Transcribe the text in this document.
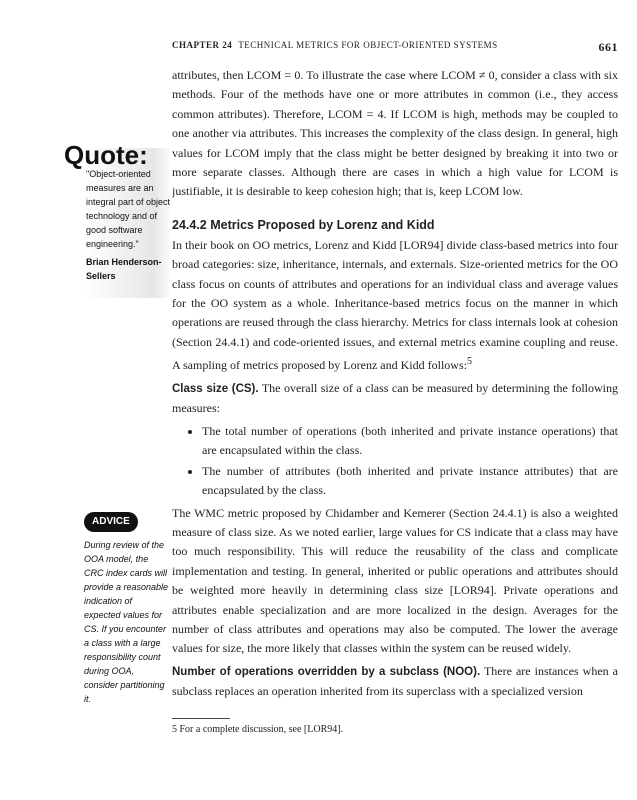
CHAPTER 24 TECHNICAL METRICS FOR OBJECT-ORIENTED SYSTEMS	661

attributes, then LCOM = 0. To illustrate the case where LCOM ≠ 0, consider a class with six methods. Four of the methods have one or more attributes in common (i.e., they access common attributes). Therefore, LCOM = 4. If LCOM is high, methods may be coupled to one another via attributes. This increases the complexity of the class design. In general, high values for LCOM imply that the class might be better designed by breaking it into two or more separate classes. Although there are cases in which a high value for LCOM is justifiable, it is desirable to keep cohesion high; that is, keep LCOM low.

24.4.2 Metrics Proposed by Lorenz and Kidd

In their book on OO metrics, Lorenz and Kidd [LOR94] divide class-based metrics into four broad categories: size, inheritance, internals, and externals. Size-oriented metrics for the OO class focus on counts of attributes and operations for an individual class and average values for the OO system as a whole. Inheritance-based metrics focus on the manner in which operations are reused through the class hierarchy. Metrics for class internals look at cohesion (Section 24.4.1) and code-oriented issues, and external metrics examine coupling and reuse. A sampling of metrics proposed by Lorenz and Kidd follows:$^5$

Class size (CS). The overall size of a class can be measured by determining the following measures:

• The total number of operations (both inherited and private instance operations) that are encapsulated within the class.
• The number of attributes (both inherited and private instance attributes) that are encapsulated by the class.

The WMC metric proposed by Chidamber and Kemerer (Section 24.4.1) is also a weighted measure of class size. As we noted earlier, large values for CS indicate that a class may have too much responsibility. This will reduce the reusability of the class and complicate implementation and testing. In general, inherited or public operations and attributes should be weighted more heavily in determining class size [LOR94]. Private operations and attributes enable specialization and are more localized in the design. Averages for the number of class attributes and operations may also be computed. The lower the average values for size, the more likely that classes within the system can be reused widely.

Number of operations overridden by a subclass (NOO). There are instances when a subclass replaces an operation inherited from its superclass with a specialized version

Quote:
"Object-oriented measures are an integral part of object technology and of good software engineering."
Brian Henderson-Sellers
ADVICE
During review of the OOA model, the CRC index cards will provide a reasonable indication of expected values for CS. If you encounter a class with a large responsibility count during OOA, consider partitioning it.
5 For a complete discussion, see [LOR94].
